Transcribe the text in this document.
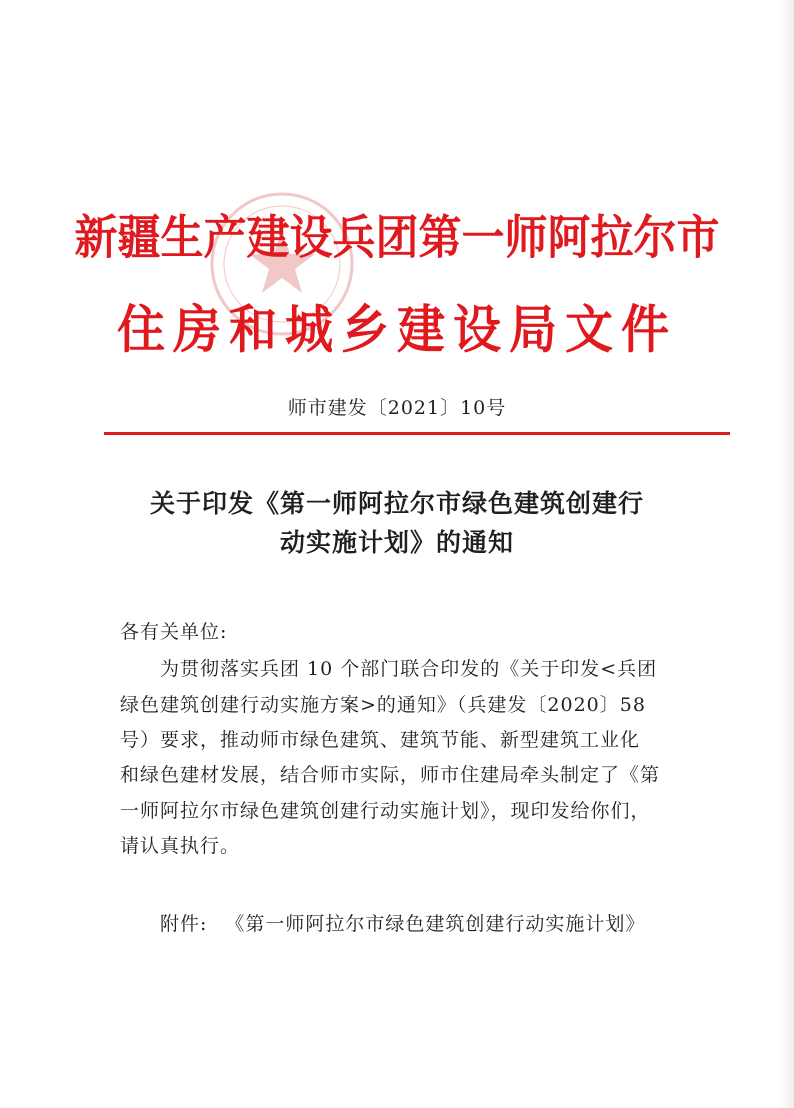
新疆生产建设兵团第一师阿拉尔市
住房和城乡建设局文件
师市建发〔2021〕10号
关于印发《第一师阿拉尔市绿色建筑创建行
动实施计划》的通知
各有关单位:
为贯彻落实兵团 10 个部门联合印发的《关于印发<兵团
绿色建筑创建行动实施方案>的通知》（兵建发〔2020〕58
号）要求，推动师市绿色建筑、建筑节能、新型建筑工业化
和绿色建材发展，结合师市实际，师市住建局牵头制定了《第
一师阿拉尔市绿色建筑创建行动实施计划》，现印发给你们，
请认真执行。
附件: 《第一师阿拉尔市绿色建筑创建行动实施计划》
